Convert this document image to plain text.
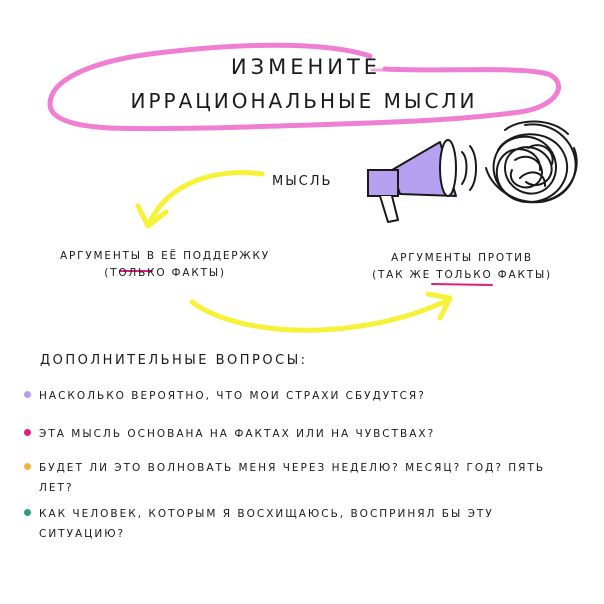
ИЗМЕНИТЕ
ИРРАЦИОНАЛЬНЫЕ МЫСЛИ
МЫСЛЬ
АРГУМЕНТЫ В ЕЁ ПОДДЕРЖКУ
(ТОЛЬКО ФАКТЫ)
АРГУМЕНТЫ ПРОТИВ
(ТАК ЖЕ ТОЛЬКО ФАКТЫ)
ДОПОЛНИТЕЛЬНЫЕ ВОПРОСЫ:
НАСКОЛЬКО ВЕРОЯТНО, ЧТО МОИ СТРАХИ СБУДУТСЯ?
ЭТА МЫСЛЬ ОСНОВАНА НА ФАКТАХ ИЛИ НА ЧУВСТВАХ?
БУДЕТ ЛИ ЭТО ВОЛНОВАТЬ МЕНЯ ЧЕРЕЗ НЕДЕЛЮ? МЕСЯЦ? ГОД? ПЯТЬ ЛЕТ?
КАК ЧЕЛОВЕК, КОТОРЫМ Я ВОСХИЩАЮСЬ, ВОСПРИНЯЛ БЫ ЭТУ СИТУАЦИЮ?
